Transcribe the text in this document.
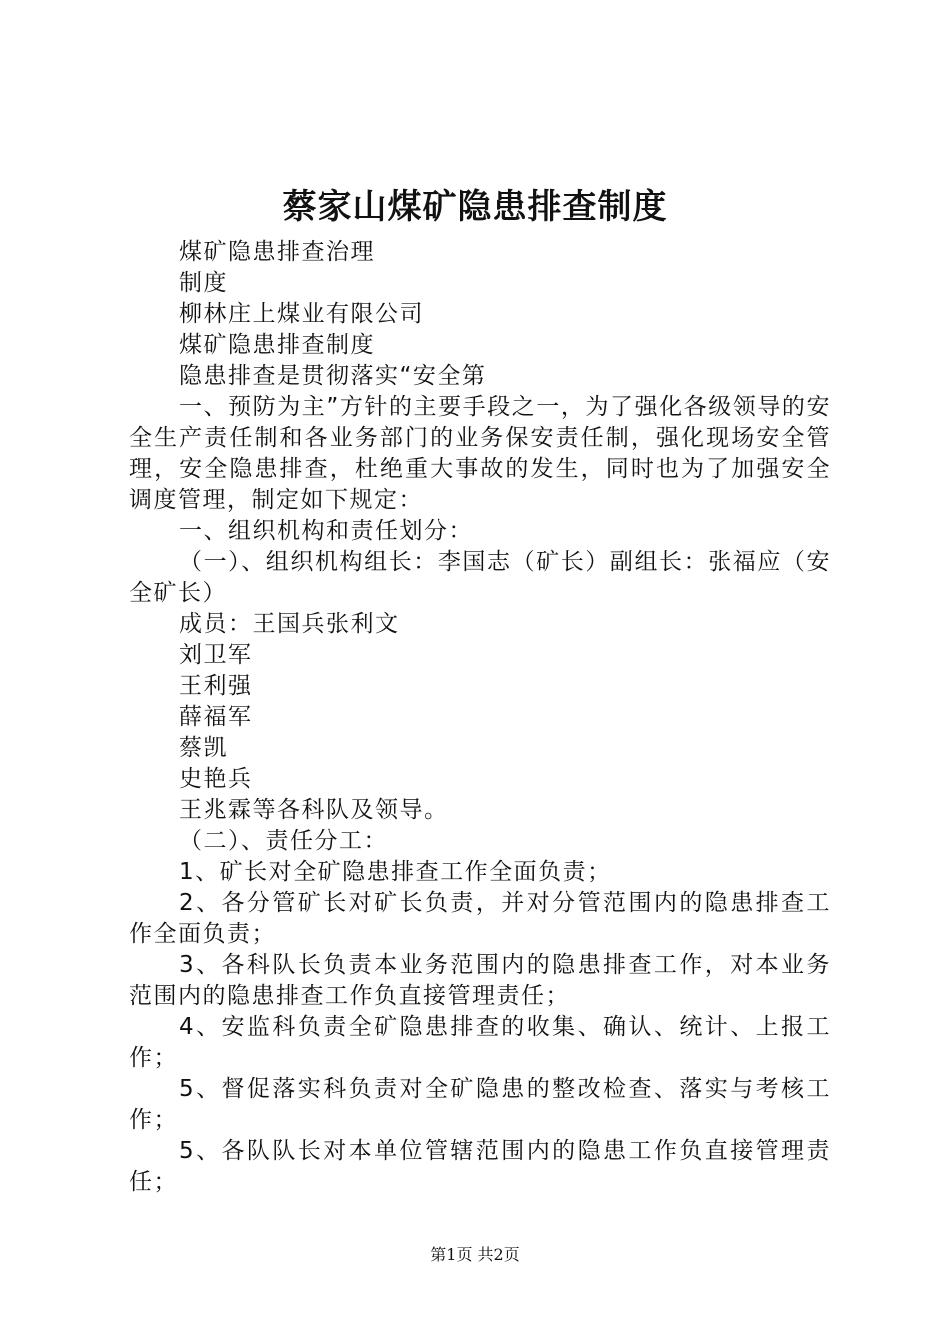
蔡家山煤矿隐患排查制度

煤矿隐患排查治理

制度

柳林庄上煤业有限公司

煤矿隐患排查制度

隐患排查是贯彻落实“安全第

一、预防为主”方针的主要手段之一，为了强化各级领导的安全生产责任制和各业务部门的业务保安责任制，强化现场安全管理，安全隐患排查，杜绝重大事故的发生，同时也为了加强安全调度管理，制定如下规定：

一、组织机构和责任划分：

（一）、组织机构组长：李国志（矿长）副组长：张福应（安全矿长）

成员：王国兵张利文

刘卫军

王利强

薛福军

蔡凯

史艳兵

王兆霖等各科队及领导。

（二）、责任分工：

1、矿长对全矿隐患排查工作全面负责；

2、各分管矿长对矿长负责，并对分管范围内的隐患排查工作全面负责；

3、各科队长负责本业务范围内的隐患排查工作，对本业务范围内的隐患排查工作负直接管理责任；

4、安监科负责全矿隐患排查的收集、确认、统计、上报工作；

5、督促落实科负责对全矿隐患的整改检查、落实与考核工作；

5、各队队长对本单位管辖范围内的隐患工作负直接管理责任；

第1页 共2页
